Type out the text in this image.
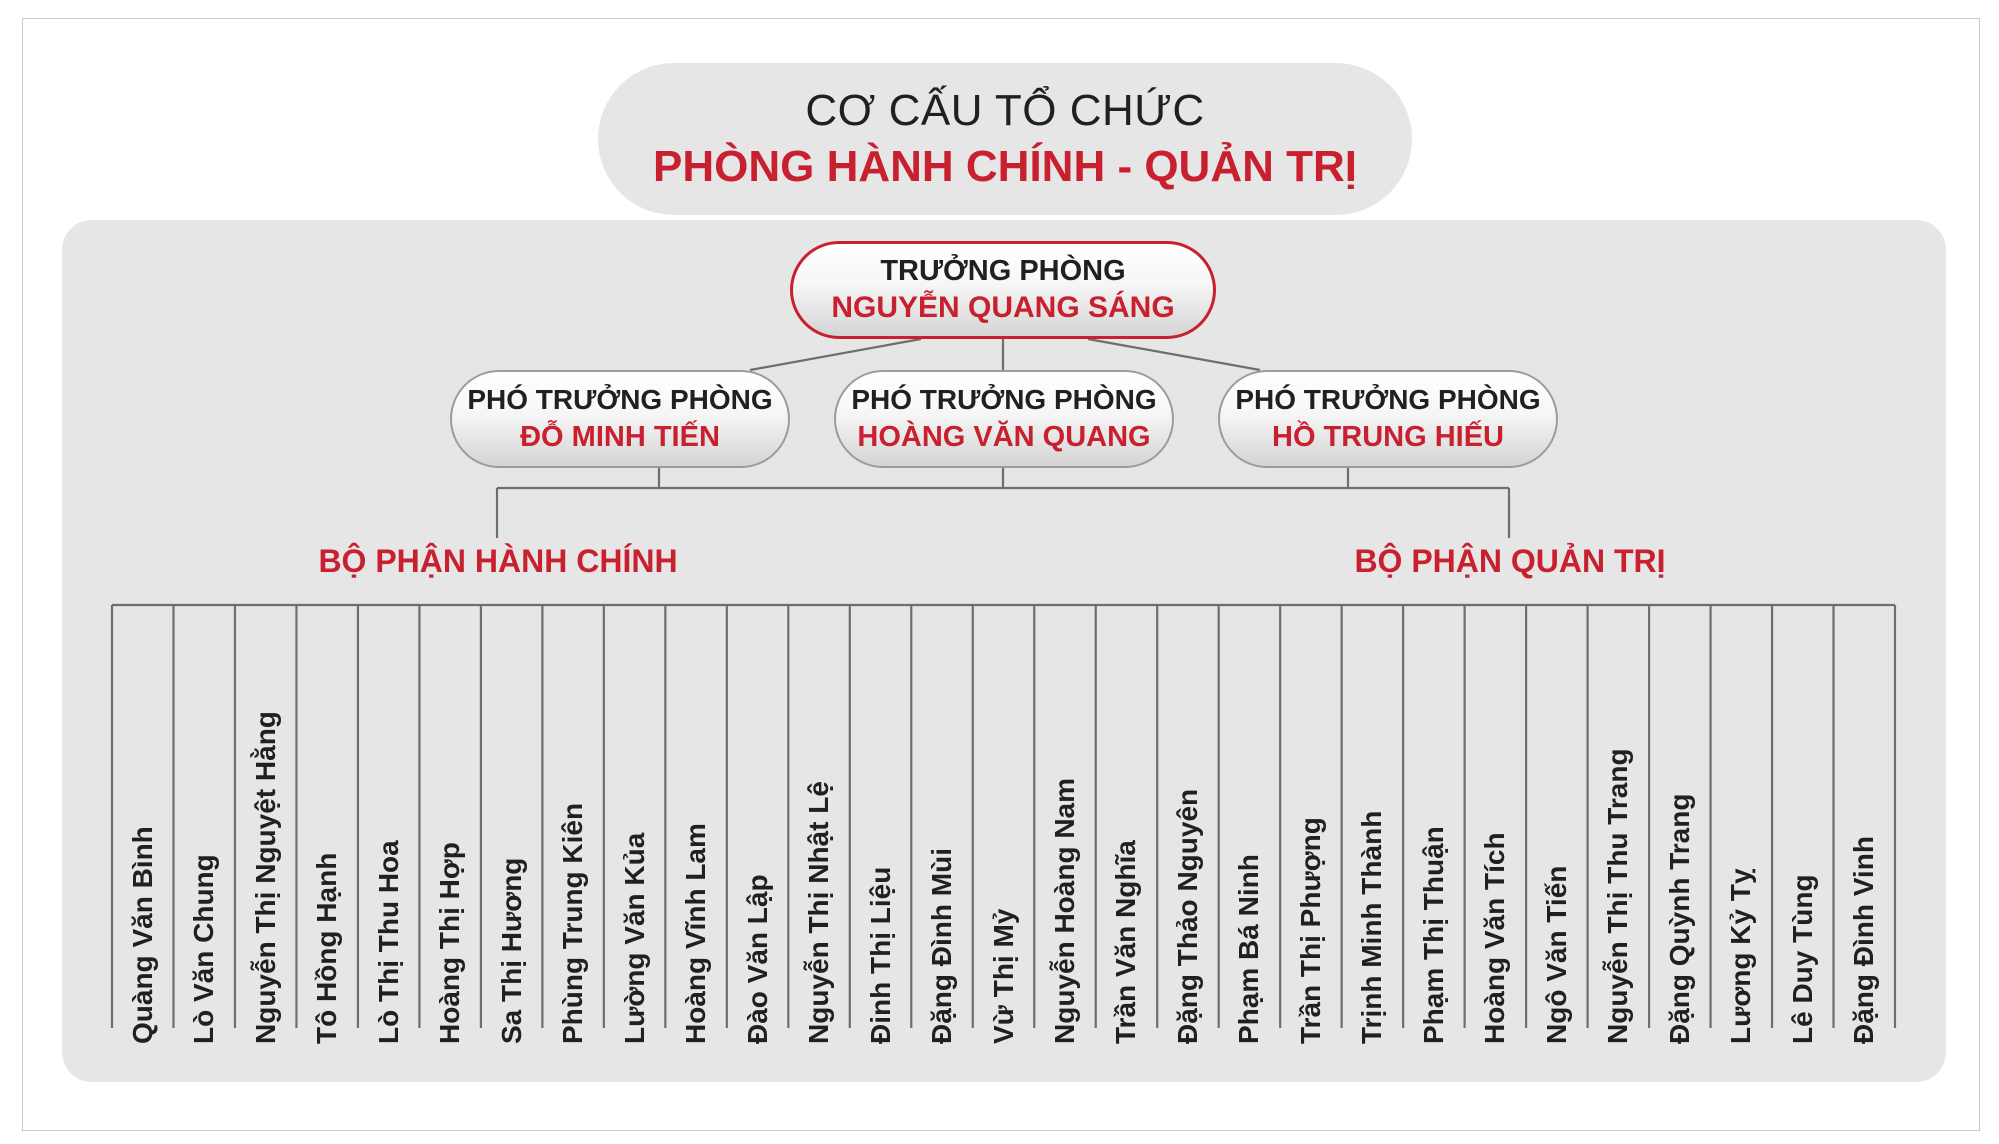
CƠ CẤU TỔ CHỨC
PHÒNG HÀNH CHÍNH - QUẢN TRỊ
TRƯỞNG PHÒNG
NGUYỄN QUANG SÁNG
PHÓ TRƯỞNG PHÒNG
ĐỖ MINH TIẾN
PHÓ TRƯỞNG PHÒNG
HOÀNG VĂN QUANG
PHÓ TRƯỞNG PHÒNG
HỒ TRUNG HIẾU
BỘ PHẬN HÀNH CHÍNH	BỘ PHẬN QUẢN TRỊ
Quàng Văn Bình Lò Văn Chung Nguyễn Thị Nguyệt Hằng Tô Hồng Hạnh Lò Thị Thu Hoa Hoàng Thị Hợp Sa Thị Hương Phùng Trung Kiên Lường Văn Kủa Hoàng Vĩnh Lam Đào Văn Lập Nguyễn Thị Nhật Lệ Đinh Thị Liệu Đặng Đình Mùi Vừ Thị Mỷ Nguyễn Hoàng Nam Trần Văn Nghĩa Đặng Thảo Nguyên Phạm Bá Ninh Trần Thị Phượng Trịnh Minh Thành Phạm Thị Thuận Hoàng Văn Tích Ngô Văn Tiến Nguyễn Thị Thu Trang Đặng Quỳnh Trang Lương Kỷ Tỵ Lê Duy Tùng Đặng Đình Vinh
